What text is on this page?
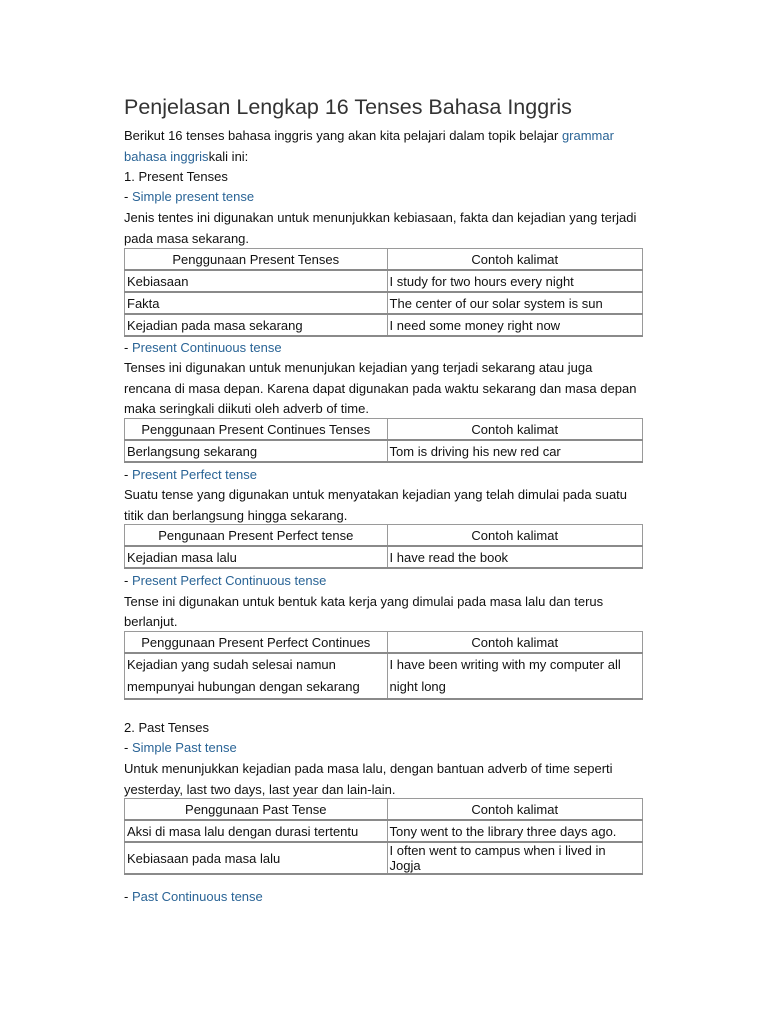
Penjelasan Lengkap 16 Tenses Bahasa Inggris
Berikut 16 tenses bahasa inggris yang akan kita pelajari dalam topik belajar grammar
bahasa inggriskali ini:
1. Present Tenses
- Simple present tense
Jenis tentes ini digunakan untuk menunjukkan kebiasaan, fakta dan kejadian yang terjadi
pada masa sekarang.
Penggunaan Present Tenses	Contoh kalimat
Kebiasaan	I study for two hours every night
Fakta	The center of our solar system is sun
Kejadian pada masa sekarang	I need some money right now
- Present Continuous tense
Tenses ini digunakan untuk menunjukan kejadian yang terjadi sekarang atau juga
rencana di masa depan. Karena dapat digunakan pada waktu sekarang dan masa depan
maka seringkali diikuti oleh adverb of time.
Penggunaan Present Continues Tenses	Contoh kalimat
Berlangsung sekarang	Tom is driving his new red car
- Present Perfect tense
Suatu tense yang digunakan untuk menyatakan kejadian yang telah dimulai pada suatu
titik dan berlangsung hingga sekarang.
Pengunaan Present Perfect tense	Contoh kalimat
Kejadian masa lalu	I have read the book
- Present Perfect Continuous tense
Tense ini digunakan untuk bentuk kata kerja yang dimulai pada masa lalu dan terus
berlanjut.
Penggunaan Present Perfect Continues	Contoh kalimat

Kejadian yang sudah selesai namun
mempunyai hubungan dengan sekarang	I have been writing with my computer all
night long
2. Past Tenses
- Simple Past tense
Untuk menunjukkan kejadian pada masa lalu, dengan bantuan adverb of time seperti
yesterday, last two days, last year dan lain-lain.
Penggunaan Past Tense	Contoh kalimat
Aksi di masa lalu dengan durasi tertentu	Tony went to the library three days ago.
Kebiasaan pada masa lalu	I often went to campus when i lived in Jogja
- Past Continuous tense
